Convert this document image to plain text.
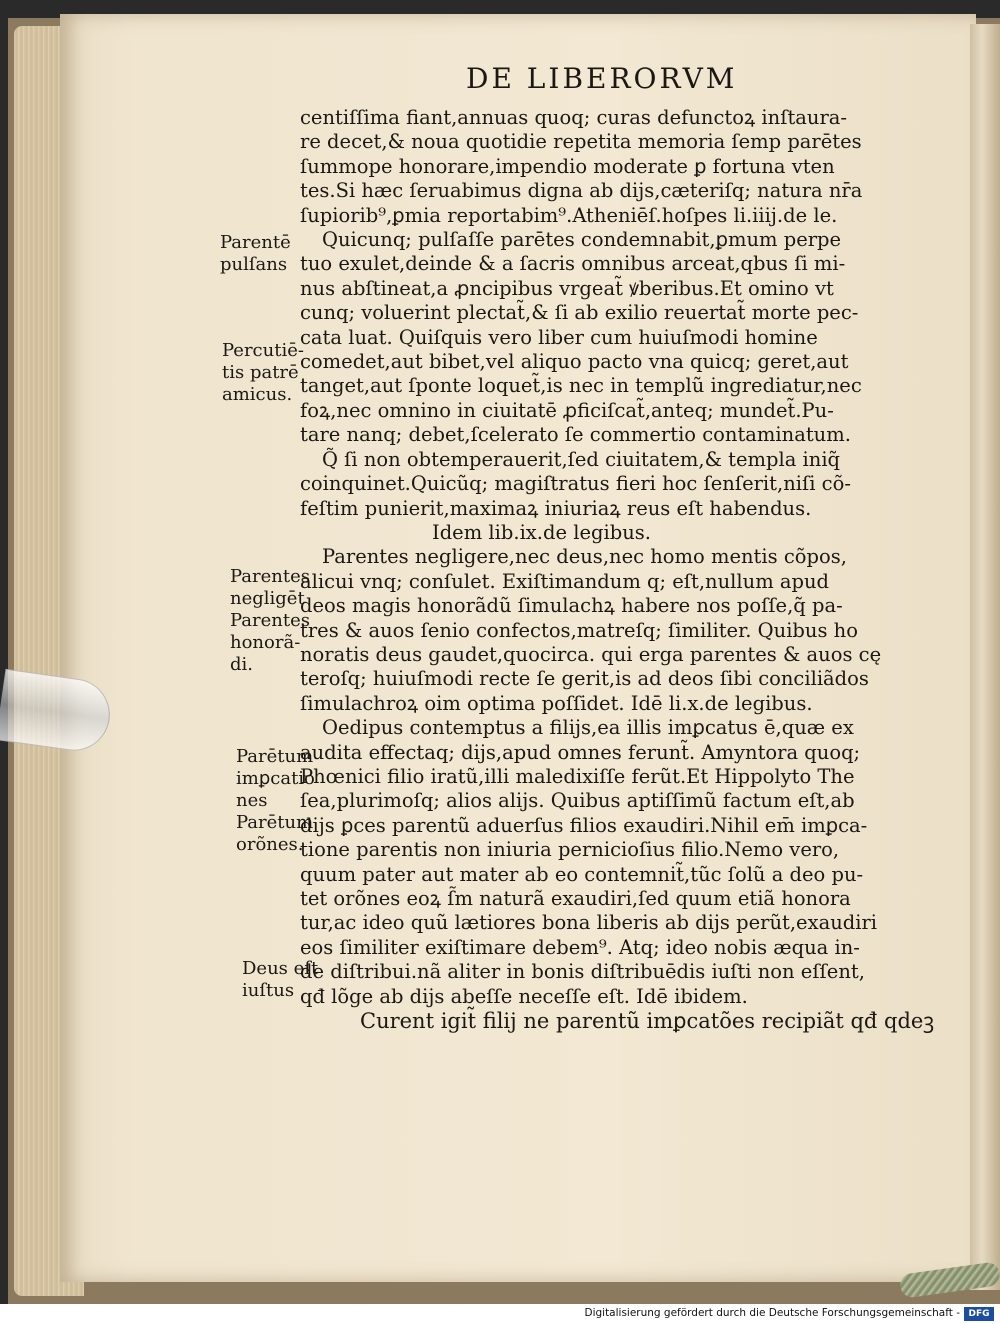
DE LIBERORVM

centiſſima fiant,annuas quoq; curas defunctoꝝ inſtaura-

re decet,& noua quotidie repetita memoria ſemp parētes

ſummope honorare,impendio moderate ꝑ fortuna vten

tes.Si hæc ſeruabimus digna ab dijs,cæteriſq; natura nr̄a

ſupiorib⁹,ꝑmia reportabim⁹.Atheniēſ.hoſpes li.iiij.de le.

Quicunq; pulſaſſe parētes condemnabit,ꝑmum perpe

tuo exulet,deinde & a ſacris omnibus arceat,qbus ſi mi-

nus abſtineat,a ꝓncipibus vrgeat̃ ꝟberibus.Et omino vt

cunq; voluerint plectat̃,& ſi ab exilio reuertat̃ morte pec-

cata luat. Quiſquis vero liber cum huiuſmodi homine

comedet,aut bibet,vel aliquo pacto vna quicq; geret,aut

tanget,aut ſponte loquet̃,is nec in templũ ingrediatur,nec

foꝝ,nec omnino in ciuitatē ꝓficiſcat̃,anteq; mundet̃.Pu-

tare nanq; debet,ſcelerato ſe commertio contaminatum.

Q̃ ſi non obtemperauerit,ſed ciuitatem,& templa iniq̃

coinquinet.Quicũq; magiſtratus fieri hoc ſenſerit,niſi cõ-

feſtim punierit,maximaꝝ iniuriaꝝ reus eſt habendus.

Idem lib.ix.de legibus.

Parentes negligere,nec deus,nec homo mentis cõpos,

alicui vnq; conſulet. Exiſtimandum q; eſt,nullum apud

deos magis honorãdũ ſimulachꝝ habere nos poſſe,q̃ pa-

tres & auos ſenio confectos,matreſq; ſimiliter. Quibus ho

noratis deus gaudet,quocirca. qui erga parentes & auos cę

teroſq; huiuſmodi recte ſe gerit,is ad deos ſibi conciliãdos

ſimulachroꝝ oim optima poſſidet. Idē li.x.de legibus.

Oedipus contemptus a filijs,ea illis imꝑcatus ē,quæ ex

audita effectaq; dijs,apud omnes ferunt̃. Amyntora quoq;

Phœnici filio iratũ,illi maledixiſſe ferũt.Et Hippolyto The

ſea,plurimoſq; alios alijs. Quibus aptiſſimũ factum eſt,ab

dijs ꝑces parentũ aduerſus filios exaudiri.Nihil em̄ imꝑca-

tione parentis non iniuria pernicioſius filio.Nemo vero,

quum pater aut mater ab eo contemnit̃,tũc ſolũ a deo pu-

tet orõnes eoꝝ ſ̃m naturã exaudiri,ſed quum etiã honora

tur,ac ideo quũ lætiores bona liberis ab dijs perũt,exaudiri

eos ſimiliter exiſtimare debem⁹. Atq; ideo nobis æqua in-

de diſtribui.nã aliter in bonis diſtribuēdis iuſti non eſſent,

qđ lõge ab dijs abeſſe neceſſe eſt. Idē ibidem.

Curent igit̃ filij ne parentũ imꝑcatões recipiãt qđ qdeꝫ

Parentē
pulſans
Percutiē-
tis patrē
amicus.
Parentes
negligēt
Parentes
honorã-
di.
Parētum
imꝑcatio
nes
Parētum
orõnes.
Deus eſt
iuſtus
Digitalisierung gefördert durch die Deutsche Forschungsgemeinschaft - DFG
